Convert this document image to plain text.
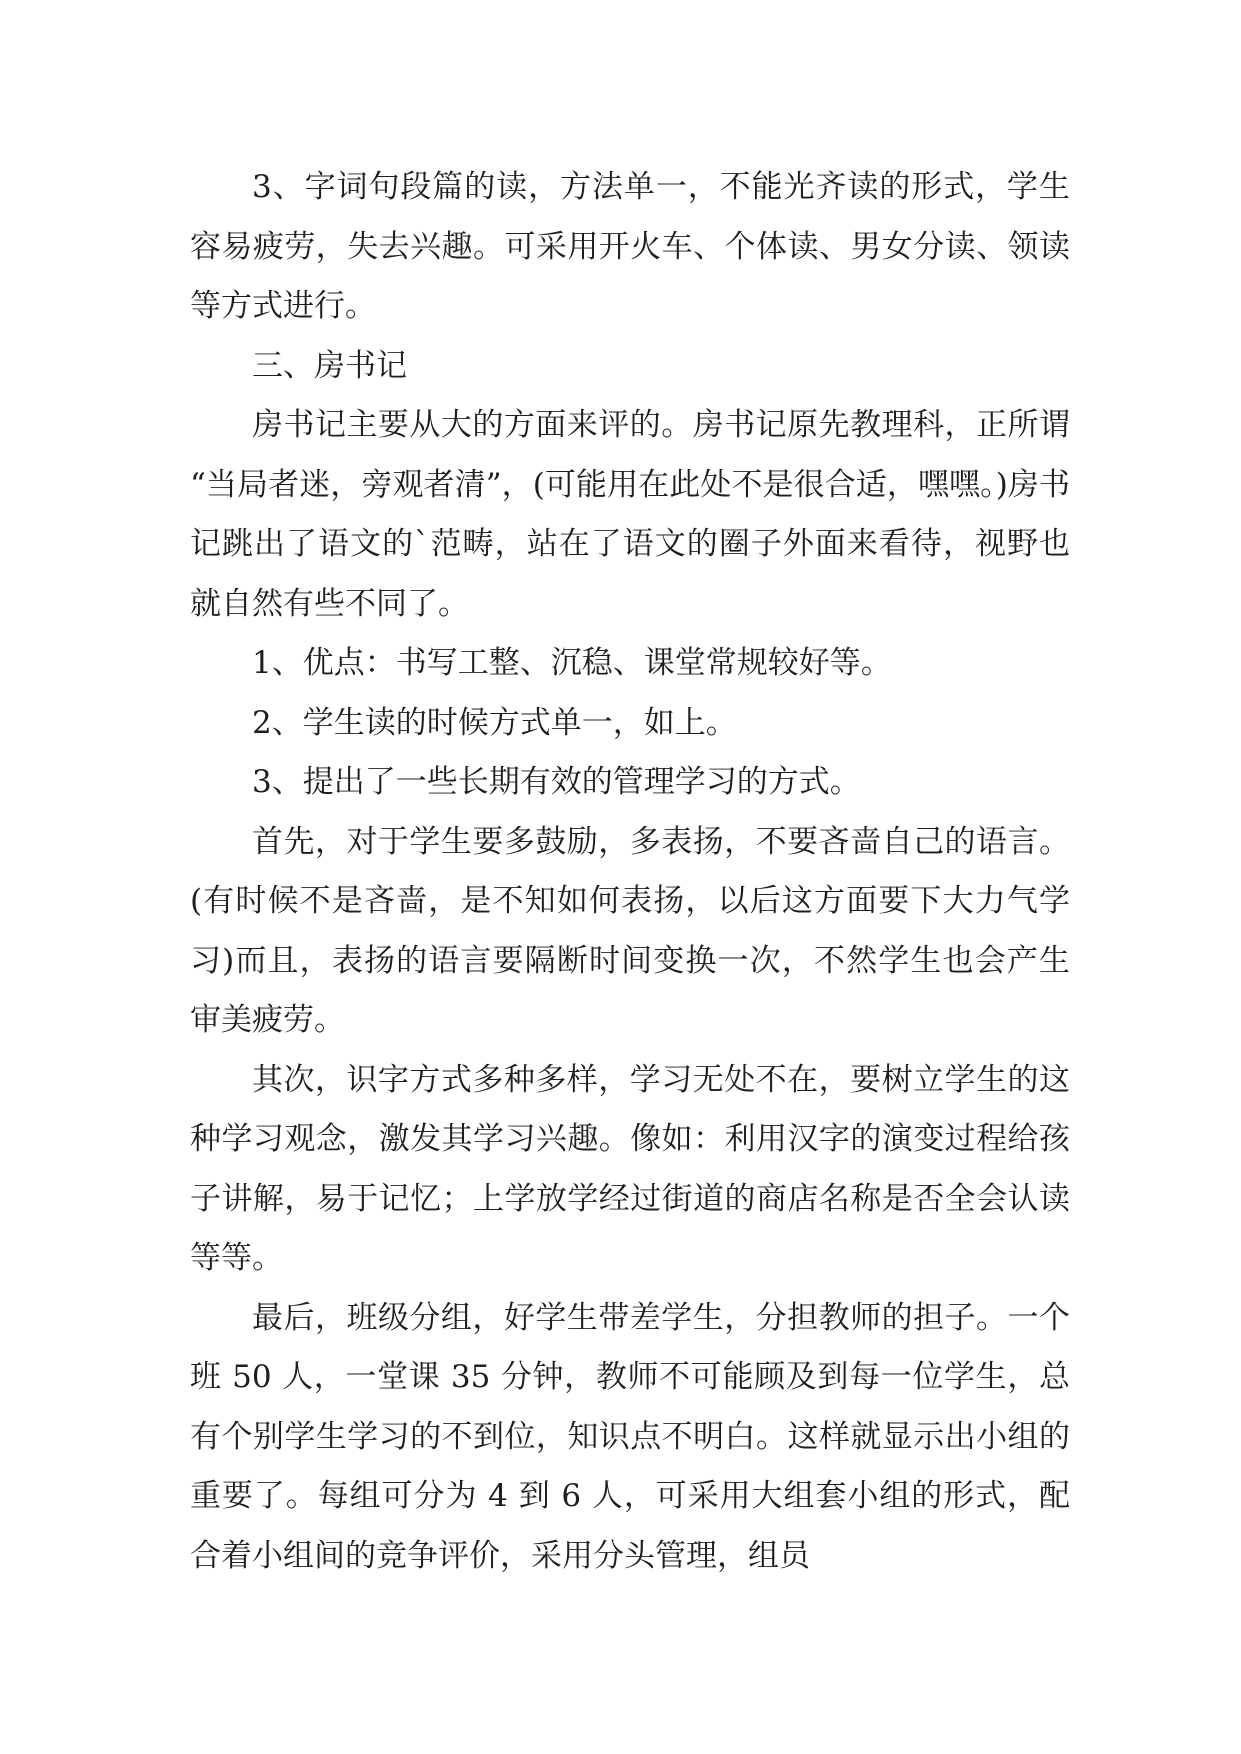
3、字词句段篇的读，方法单一，不能光齐读的形式，学生容易疲劳，失去兴趣。可采用开火车、个体读、男女分读、领读等方式进行。

三、房书记

房书记主要从大的方面来评的。房书记原先教理科，正所谓“当局者迷，旁观者清”，(可能用在此处不是很合适，嘿嘿。)房书记跳出了语文的`范畴，站在了语文的圈子外面来看待，视野也就自然有些不同了。

1、优点：书写工整、沉稳、课堂常规较好等。

2、学生读的时候方式单一，如上。

3、提出了一些长期有效的管理学习的方式。

首先，对于学生要多鼓励，多表扬，不要吝啬自己的语言。(有时候不是吝啬，是不知如何表扬，以后这方面要下大力气学习)而且，表扬的语言要隔断时间变换一次，不然学生也会产生审美疲劳。

其次，识字方式多种多样，学习无处不在，要树立学生的这种学习观念，激发其学习兴趣。像如：利用汉字的演变过程给孩子讲解，易于记忆；上学放学经过街道的商店名称是否全会认读等等。

最后，班级分组，好学生带差学生，分担教师的担子。一个班 50 人，一堂课 35 分钟，教师不可能顾及到每一位学生，总有个别学生学习的不到位，知识点不明白。这样就显示出小组的重要了。每组可分为 4 到 6 人，可采用大组套小组的形式，配合着小组间的竞争评价，采用分头管理，组员
